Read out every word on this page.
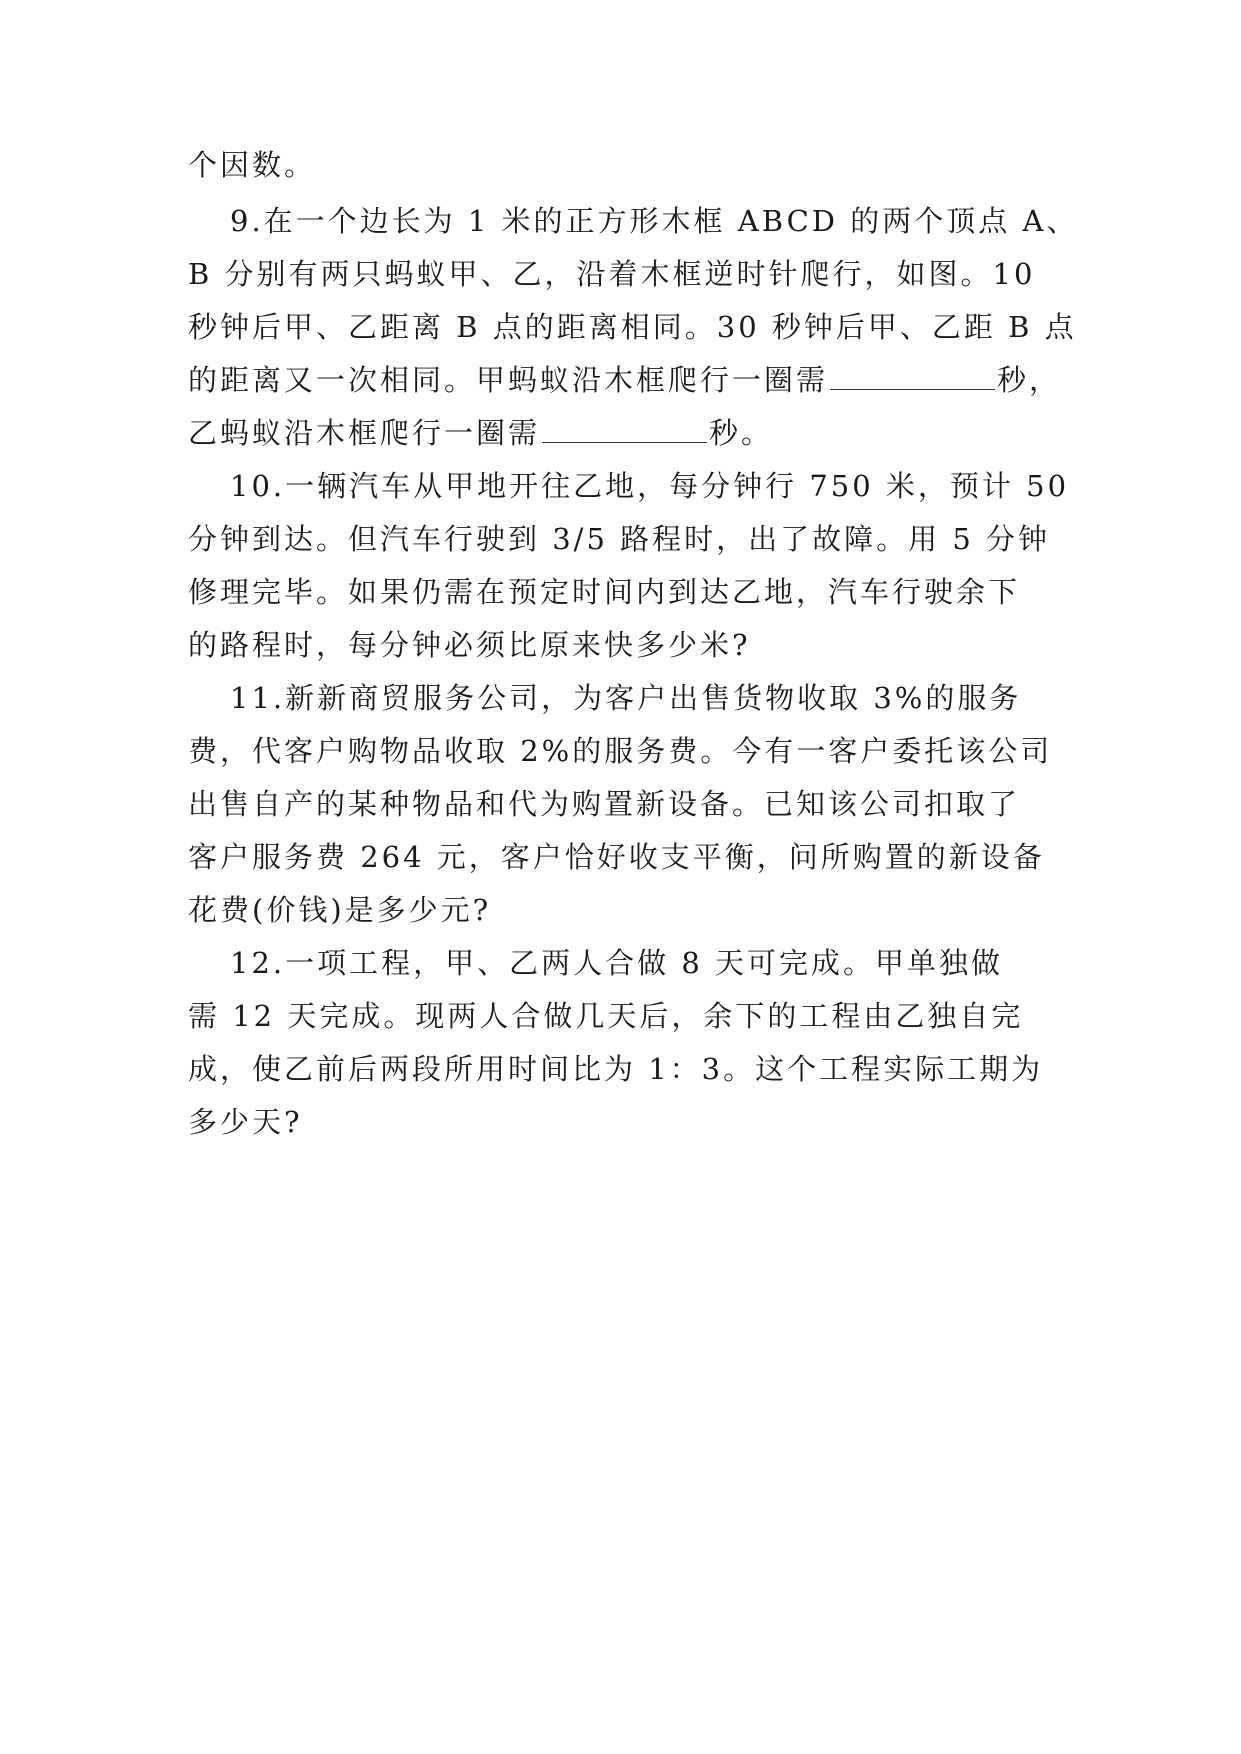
个因数。
9.在一个边长为 1 米的正方形木框 ABCD 的两个顶点 A、
B 分别有两只蚂蚁甲、乙，沿着木框逆时针爬行，如图。10
秒钟后甲、乙距离 B 点的距离相同。30 秒钟后甲、乙距 B 点
的距离又一次相同。甲蚂蚁沿木框爬行一圈需	秒，
乙蚂蚁沿木框爬行一圈需	秒。
10.一辆汽车从甲地开往乙地，每分钟行 750 米，预计 50
分钟到达。但汽车行驶到 3/5 路程时，出了故障。用 5 分钟
修理完毕。如果仍需在预定时间内到达乙地，汽车行驶余下
的路程时，每分钟必须比原来快多少米?
11.新新商贸服务公司，为客户出售货物收取 3%的服务
费，代客户购物品收取 2%的服务费。今有一客户委托该公司
出售自产的某种物品和代为购置新设备。已知该公司扣取了
客户服务费 264 元，客户恰好收支平衡，问所购置的新设备
花费(价钱)是多少元?
12.一项工程，甲、乙两人合做 8 天可完成。甲单独做
需 12 天完成。现两人合做几天后，余下的工程由乙独自完
成，使乙前后两段所用时间比为 1：3。这个工程实际工期为
多少天?
